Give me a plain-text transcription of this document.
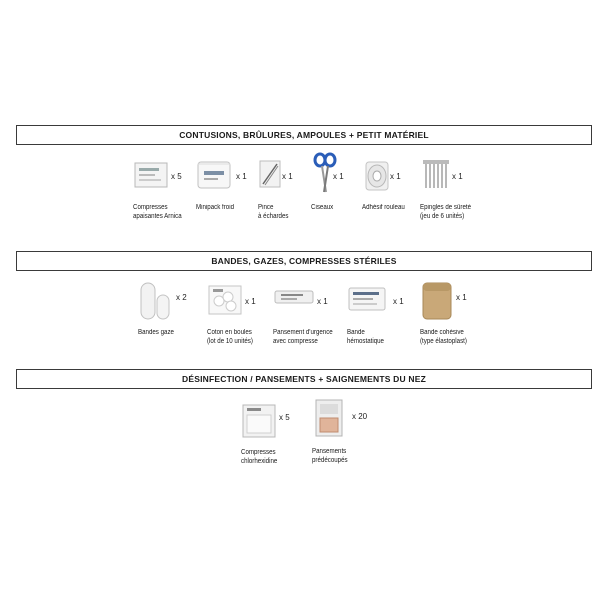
CONTUSIONS, BRÛLURES, AMPOULES + PETIT MATÉRIEL
x 5
Compresses
apaisantes Arnica
x 1
Minipack froid
x 1
Pince
à échardes
x 1
Ciseaux
x 1
Adhésif rouleau
x 1
Epingles de sûreté
(jeu de 6 unités)
BANDES, GAZES, COMPRESSES STÉRILES
x 2
Bandes gaze
x 1
Coton en boules
(lot de 10 unités)
x 1
Pansement d'urgence
avec compresse
x 1
Bande
hémostatique
x 1
Bande cohésive
(type élastoplast)
DÉSINFECTION / PANSEMENTS + SAIGNEMENTS DU NEZ
x 5
Compresses
chlorhexidine
x 20
Pansements
prédécoupés
